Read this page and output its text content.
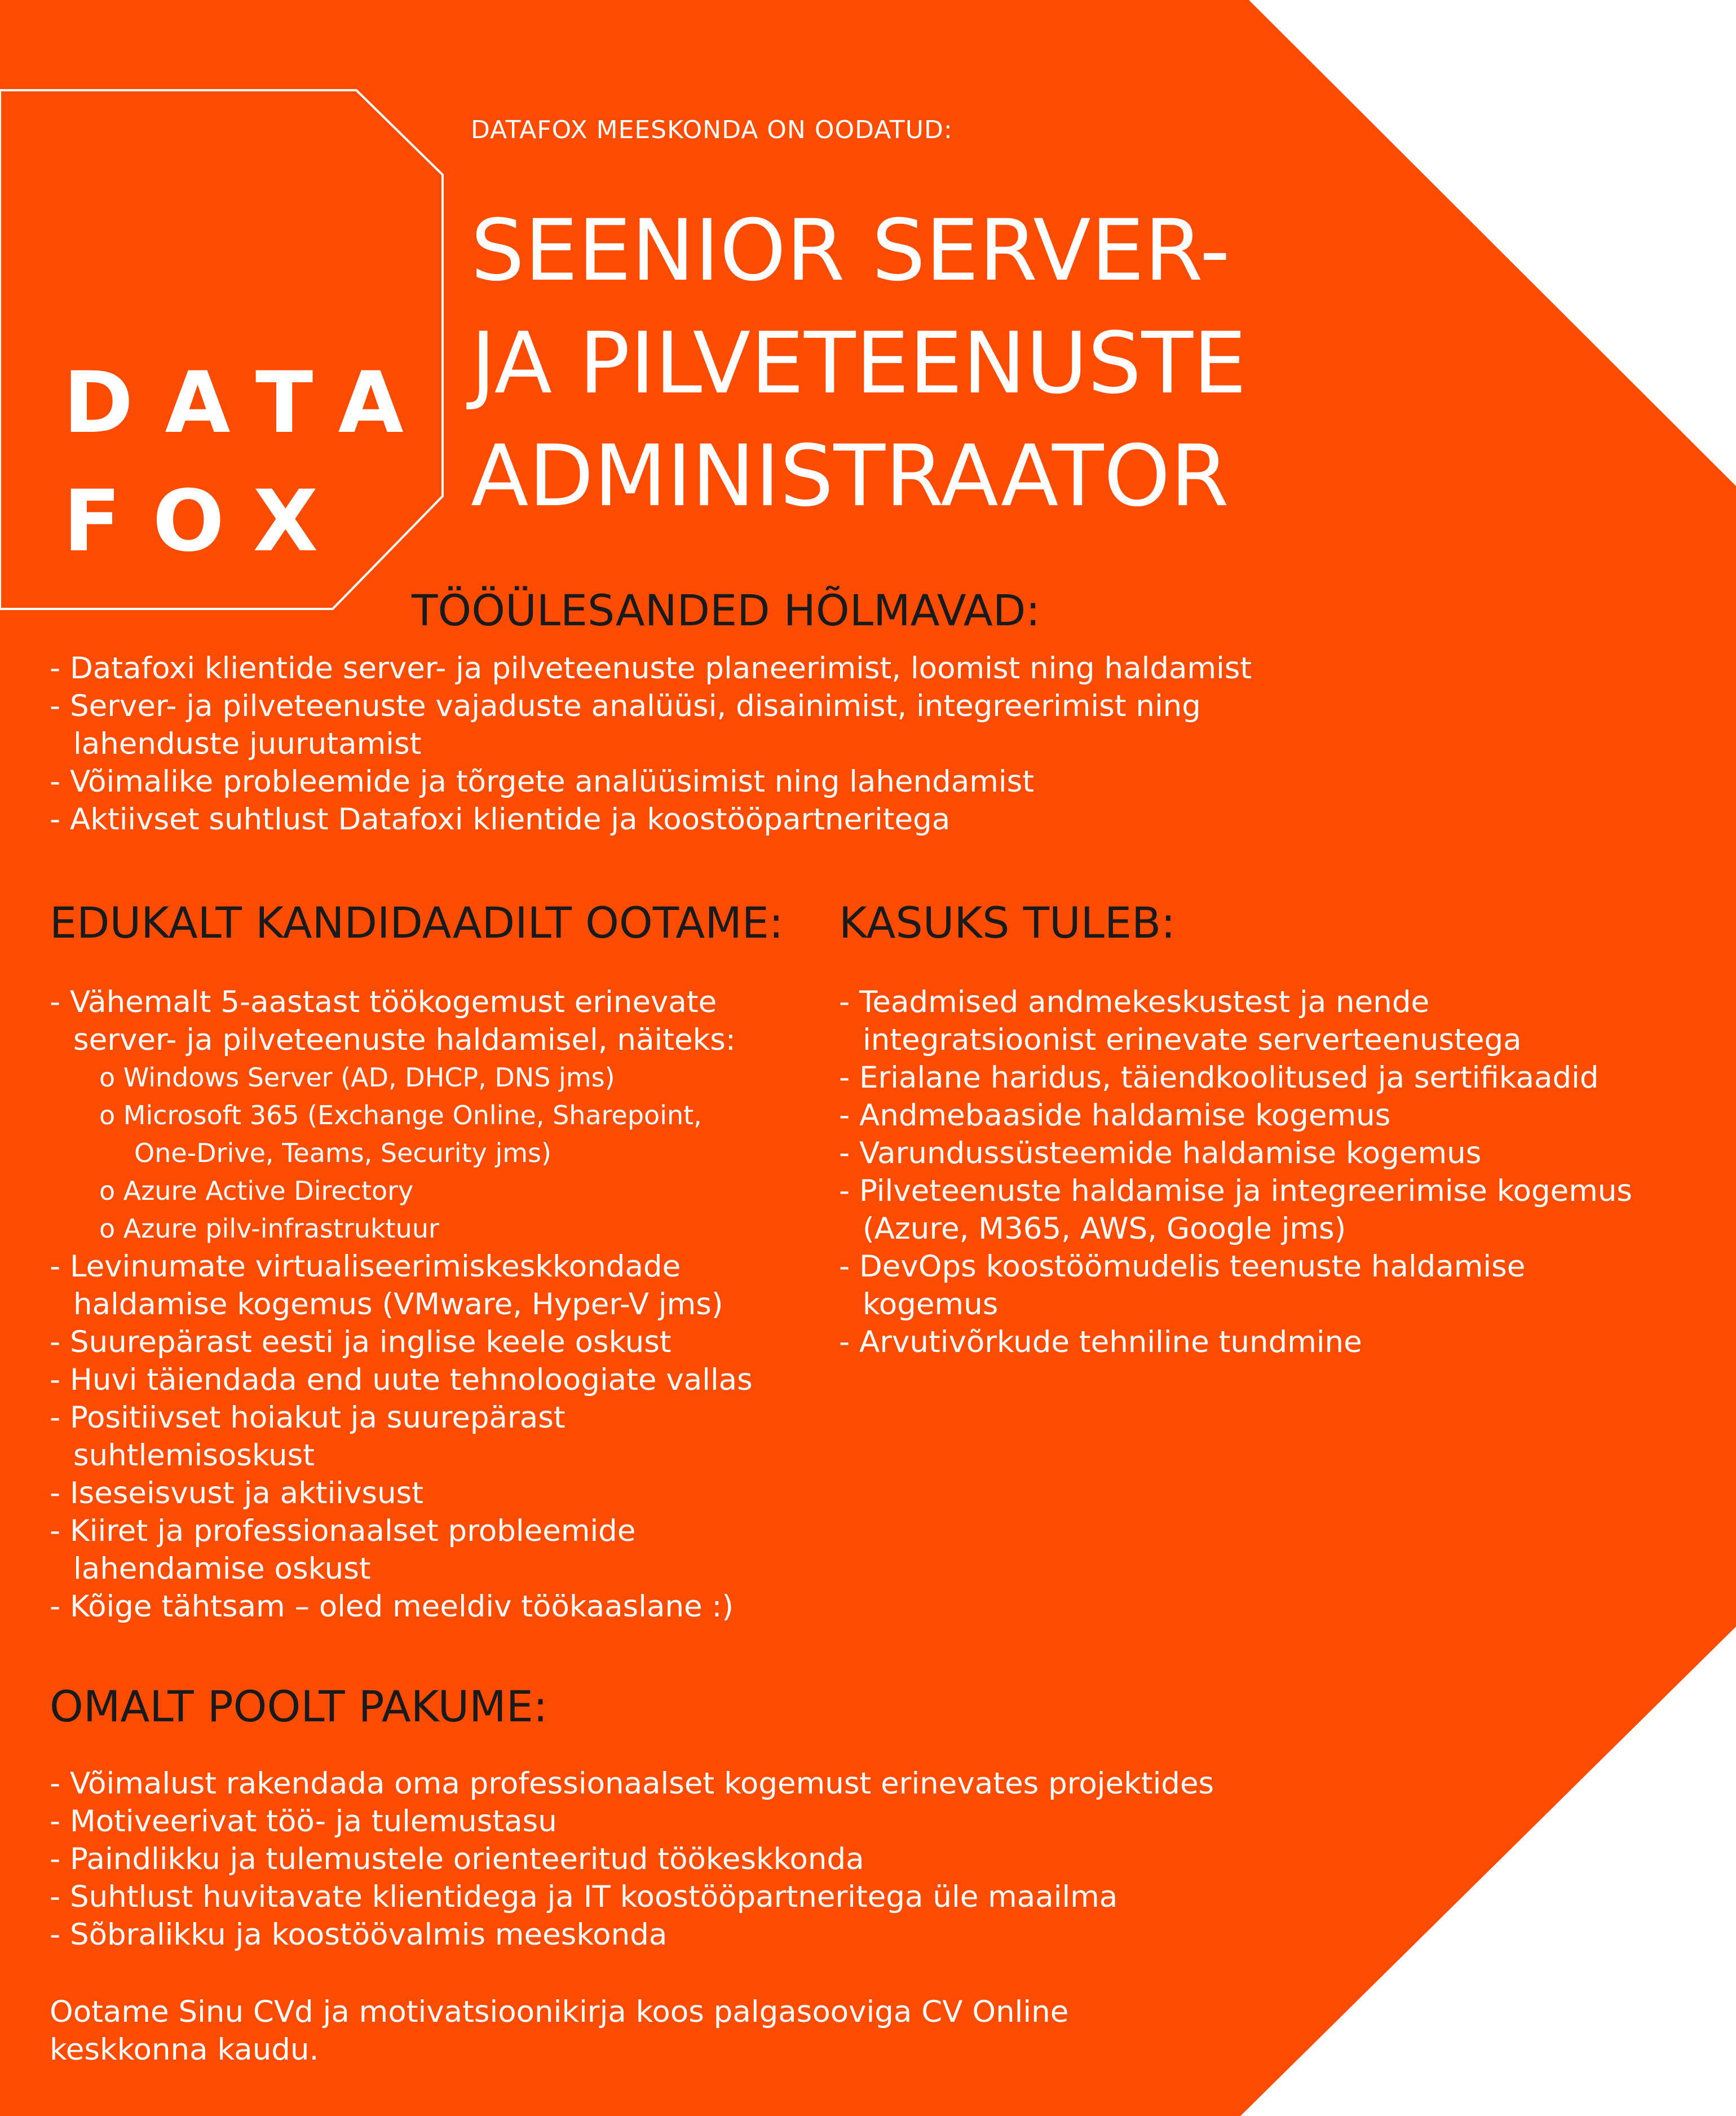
DATA
FOX

DATAFOX MEESKONDA ON OODATUD:

SEENIOR SERVER-
JA PILVETEENUSTE
ADMINISTRAATOR
TÖÖÜLESANDED HÕLMAVAD:
- Datafoxi klientide server- ja pilveteenuste planeerimist, loomist ning haldamist
- Server- ja pilveteenuste vajaduste analüüsi, disainimist, integreerimist ning lahenduste juurutamist
- Võimalike probleemide ja tõrgete analüüsimist ning lahendamist
- Aktiivset suhtlust Datafoxi klientide ja koostööpartneritega
EDUKALT KANDIDAADILT OOTAME:
- Vähemalt 5-aastast töökogemust erinevate server- ja pilveteenuste haldamisel, näiteks:
o Windows Server (AD, DHCP, DNS jms)
o Microsoft 365 (Exchange Online, Sharepoint,
One-Drive, Teams, Security jms)
o Azure Active Directory
o Azure pilv-infrastruktuur
- Levinumate virtualiseerimiskeskkondade haldamise kogemus (VMware, Hyper-V jms)
- Suurepärast eesti ja inglise keele oskust
- Huvi täiendada end uute tehnoloogiate vallas
- Positiivset hoiakut ja suurepärast suhtlemisoskust
- Iseseisvust ja aktiivsust
- Kiiret ja professionaalset probleemide lahendamise oskust
- Kõige tähtsam – oled meeldiv töökaaslane :)
KASUKS TULEB:
- Teadmised andmekeskustest ja nende integratsioonist erinevate serverteenustega
- Erialane haridus, täiendkoolitused ja sertifikaadid
- Andmebaaside haldamise kogemus
- Varundussüsteemide haldamise kogemus
- Pilveteenuste haldamise ja integreerimise kogemus (Azure, M365, AWS, Google jms)
- DevOps koostöömudelis teenuste haldamise kogemus
- Arvutivõrkude tehniline tundmine
OMALT POOLT PAKUME:
- Võimalust rakendada oma professionaalset kogemust erinevates projektides
- Motiveerivat töö- ja tulemustasu
- Paindlikku ja tulemustele orienteeritud töökeskkonda
- Suhtlust huvitavate klientidega ja IT koostööpartneritega üle maailma
- Sõbralikku ja koostöövalmis meeskonda

Ootame Sinu CVd ja motivatsioonikirja koos palgasooviga CV Online keskkonna kaudu.
